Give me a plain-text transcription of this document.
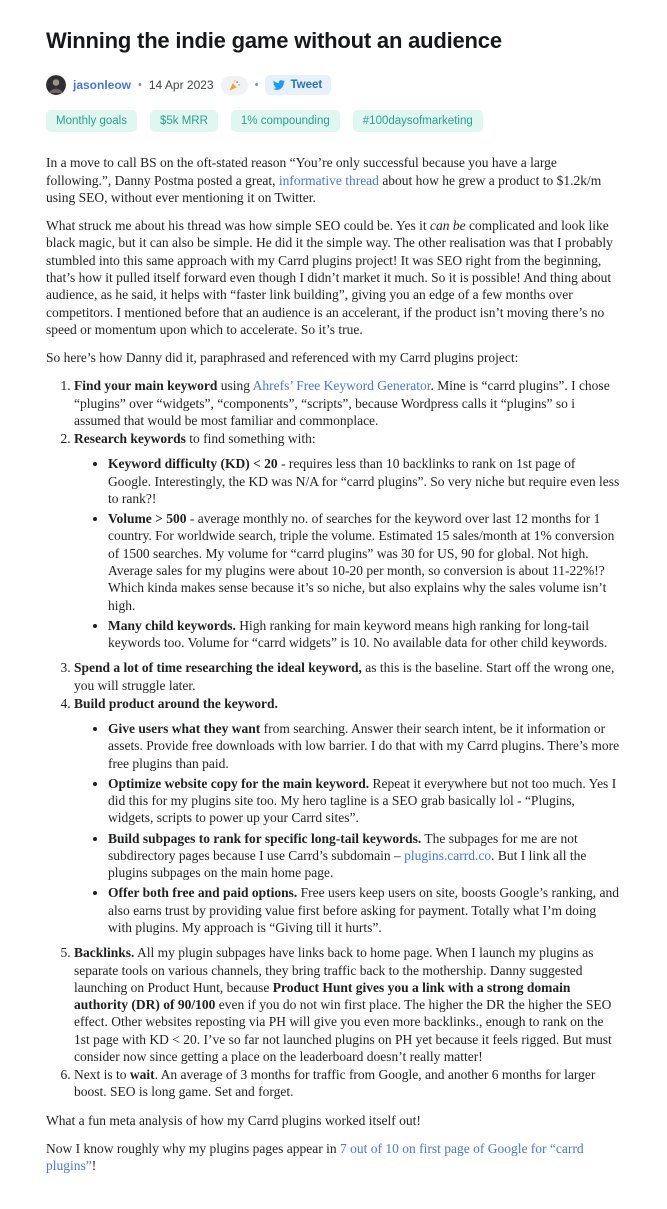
Winning the indie game without an audience
jasonleow • 14 Apr 2023	•	Tweet
Monthly goals	$5k MRR	1% compounding	#100daysofmarketing

In a move to call BS on the oft-stated reason “You’re only successful because you have a large following.”, Danny Postma posted a great, informative thread about how he grew a product to $1.2k/m using SEO, without ever mentioning it on Twitter.

What struck me about his thread was how simple SEO could be. Yes it can be complicated and look like black magic, but it can also be simple. He did it the simple way. The other realisation was that I probably stumbled into this same approach with my Carrd plugins project! It was SEO right from the beginning, that’s how it pulled itself forward even though I didn’t market it much. So it is possible! And thing about audience, as he said, it helps with “faster link building”, giving you an edge of a few months over competitors. I mentioned before that an audience is an accelerant, if the product isn’t moving there’s no speed or momentum upon which to accelerate. So it’s true.

So here’s how Danny did it, paraphrased and referenced with my Carrd plugins project:

1. Find your main keyword using Ahrefs’ Free Keyword Generator. Mine is “carrd plugins”. I chose “plugins” over “widgets”, “components”, “scripts”, because Wordpress calls it “plugins” so i assumed that would be most familiar and commonplace.
2. Research keywords to find something with:
• Keyword difficulty (KD) < 20 - requires less than 10 backlinks to rank on 1st page of Google. Interestingly, the KD was N/A for “carrd plugins”. So very niche but require even less to rank?!
• Volume > 500 - average monthly no. of searches for the keyword over last 12 months for 1 country. For worldwide search, triple the volume. Estimated 15 sales/month at 1% conversion of 1500 searches. My volume for “carrd plugins” was 30 for US, 90 for global. Not high. Average sales for my plugins were about 10-20 per month, so conversion is about 11-22%!? Which kinda makes sense because it’s so niche, but also explains why the sales volume isn’t high.
• Many child keywords. High ranking for main keyword means high ranking for long-tail keywords too. Volume for “carrd widgets” is 10. No available data for other child keywords.
3. Spend a lot of time researching the ideal keyword, as this is the baseline. Start off the wrong one, you will struggle later.
4. Build product around the keyword.
• Give users what they want from searching. Answer their search intent, be it information or assets. Provide free downloads with low barrier. I do that with my Carrd plugins. There’s more free plugins than paid.
• Optimize website copy for the main keyword. Repeat it everywhere but not too much. Yes I did this for my plugins site too. My hero tagline is a SEO grab basically lol - “Plugins, widgets, scripts to power up your Carrd sites”.
• Build subpages to rank for specific long-tail keywords. The subpages for me are not subdirectory pages because I use Carrd’s subdomain – plugins.carrd.co. But I link all the plugins subpages on the main home page.
• Offer both free and paid options. Free users keep users on site, boosts Google’s ranking, and also earns trust by providing value first before asking for payment. Totally what I’m doing with plugins. My approach is “Giving till it hurts”.
5. Backlinks. All my plugin subpages have links back to home page. When I launch my plugins as separate tools on various channels, they bring traffic back to the mothership. Danny suggested launching on Product Hunt, because Product Hunt gives you a link with a strong domain authority (DR) of 90/100 even if you do not win first place. The higher the DR the higher the SEO effect. Other websites reposting via PH will give you even more backlinks., enough to rank on the 1st page with KD < 20. I’ve so far not launched plugins on PH yet because it feels rigged. But must consider now since getting a place on the leaderboard doesn’t really matter!
6. Next is to wait. An average of 3 months for traffic from Google, and another 6 months for larger boost. SEO is long game. Set and forget.

What a fun meta analysis of how my Carrd plugins worked itself out!

Now I know roughly why my plugins pages appear in 7 out of 10 on first page of Google for “carrd plugins”!
